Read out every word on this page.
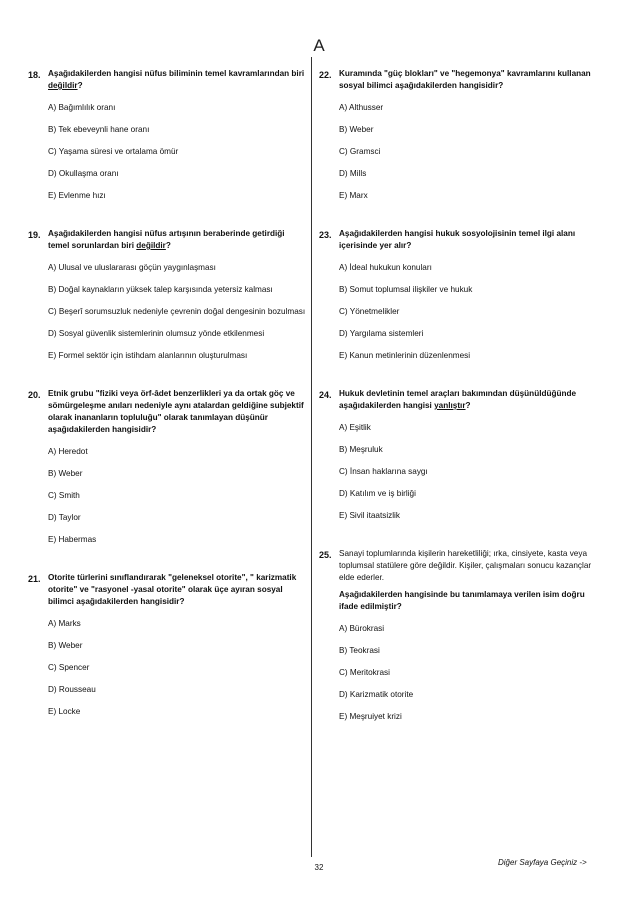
A
18. Aşağıdakilerden hangisi nüfus biliminin temel kavramlarından biri değildir?
A) Bağımlılık oranı
B) Tek ebeveynli hane oranı
C) Yaşama süresi ve ortalama ömür
D) Okullaşma oranı
E) Evlenme hızı
19. Aşağıdakilerden hangisi nüfus artışının beraberinde getirdiği temel sorunlardan biri değildir?
A) Ulusal ve uluslararası göçün yaygınlaşması
B) Doğal kaynakların yüksek talep karşısında yetersiz kalması
C) Beşerî sorumsuzluk nedeniyle çevrenin doğal dengesinin bozulması
D) Sosyal güvenlik sistemlerinin olumsuz yönde etkilenmesi
E) Formel sektör için istihdam alanlarının oluşturulması
20. Etnik grubu "fiziki veya örf-âdet benzerlikleri ya da ortak göç ve sömürgeleşme anıları nedeniyle aynı atalardan geldiğine subjektif olarak inananların topluluğu" olarak tanımlayan düşünür aşağıdakilerden hangisidir?
A) Heredot
B) Weber
C) Smith
D) Taylor
E) Habermas
21. Otorite türlerini sınıflandırarak "geleneksel otorite", " karizmatik otorite" ve "rasyonel -yasal otorite" olarak üçe ayıran sosyal bilimci aşağıdakilerden hangisidir?
A) Marks
B) Weber
C) Spencer
D) Rousseau
E) Locke
22. Kuramında "güç blokları" ve "hegemonya" kavramlarını kullanan sosyal bilimci aşağıdakilerden hangisidir?
A) Althusser
B) Weber
C) Gramsci
D) Mills
E) Marx
23. Aşağıdakilerden hangisi hukuk sosyolojisinin temel ilgi alanı içerisinde yer alır?
A) İdeal hukukun konuları
B) Somut toplumsal ilişkiler ve hukuk
C) Yönetmelikler
D) Yargılama sistemleri
E) Kanun metinlerinin düzenlenmesi
24. Hukuk devletinin temel araçları bakımından düşünüldüğünde aşağıdakilerden hangisi yanlıştır?
A) Eşitlik
B) Meşruluk
C) İnsan haklarına saygı
D) Katılım ve iş birliği
E) Sivil itaatsizlik
25. Sanayi toplumlarında kişilerin hareketliliği; ırka, cinsiyete, kasta veya toplumsal statülere göre değildir. Kişiler, çalışmaları sonucu kazançlar elde ederler.
Aşağıdakilerden hangisinde bu tanımlamaya verilen isim doğru ifade edilmiştir?
A) Bürokrasi
B) Teokrasi
C) Meritokrasi
D) Karizmatik otorite
E) Meşruiyet krizi
32
Diğer Sayfaya Geçiniz ->
